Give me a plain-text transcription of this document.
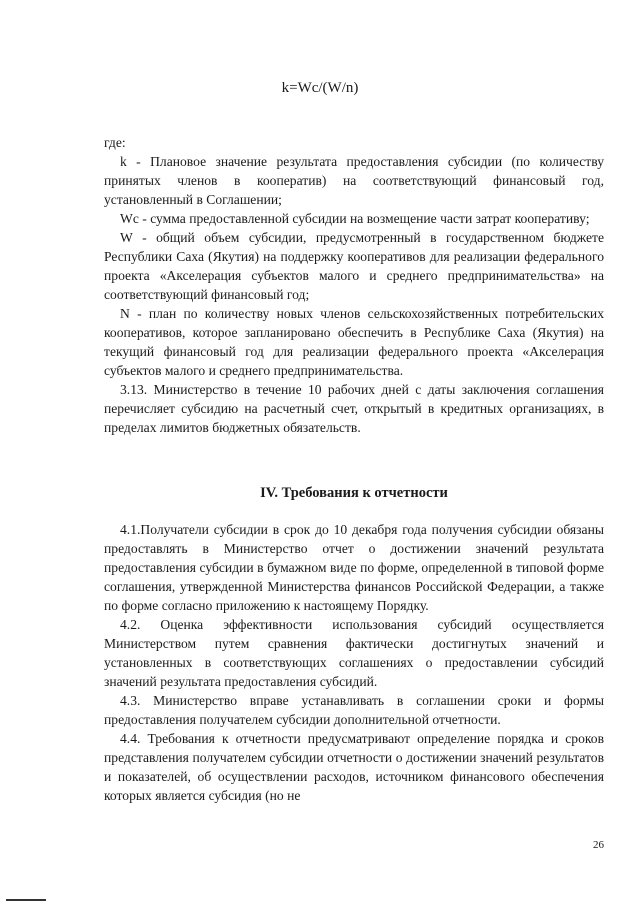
k=Wc/(W/n)

где:

k - Плановое значение результата предоставления субсидии (по количеству принятых членов в кооператив) на соответствующий финансовый год, установленный в Соглашении;

Wc - сумма предоставленной субсидии на возмещение части затрат кооперативу;

W - общий объем субсидии, предусмотренный в государственном бюджете Республики Саха (Якутия) на поддержку кооперативов для реализации федерального проекта «Акселерация субъектов малого и среднего предпринимательства» на соответствующий финансовый год;

N - план по количеству новых членов сельскохозяйственных потребительских кооперативов, которое запланировано обеспечить в Республике Саха (Якутия) на текущий финансовый год для реализации федерального проекта «Акселерация субъектов малого и среднего предпринимательства.

3.13. Министерство в течение 10 рабочих дней с даты заключения соглашения перечисляет субсидию на расчетный счет, открытый в кредитных организациях, в пределах лимитов бюджетных обязательств.

IV. Требования к отчетности

4.1.Получатели субсидии в срок до 10 декабря года получения субсидии обязаны предоставлять в Министерство отчет о достижении значений результата предоставления субсидии в бумажном виде по форме, определенной в типовой форме соглашения, утвержденной Министерства финансов Российской Федерации, а также по форме согласно приложению к настоящему Порядку.

4.2. Оценка эффективности использования субсидий осуществляется Министерством путем сравнения фактически достигнутых значений и установленных в соответствующих соглашениях о предоставлении субсидий значений результата предоставления субсидий.

4.3. Министерство вправе устанавливать в соглашении сроки и формы предоставления получателем субсидии дополнительной отчетности.

4.4. Требования к отчетности предусматривают определение порядка и сроков представления получателем субсидии отчетности о достижении значений результатов и показателей, об осуществлении расходов, источником финансового обеспечения которых является субсидия (но не

26
